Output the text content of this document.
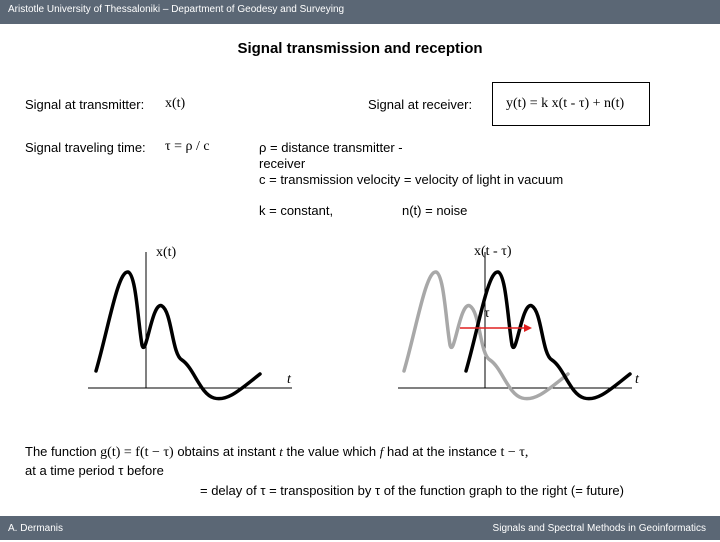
Aristotle University of Thessaloniki – Department of Geodesy and Surveying
Signal transmission and reception
Signal at transmitter: x(t)	Signal at receiver: y(t) = k x(t - τ) + n(t)
Signal traveling time: τ = ρ / c	ρ = distance transmitter -
receiver
c = transmission velocity = velocity of light in vacuum
k = constant,	n(t) = noise
x(t)
t
x(t - τ)
t
τ
The function g(t) = f(t − τ) obtains at instant t the value which f had at the instance t − τ,
at a time period τ before
= delay of τ = transposition by τ of the function graph to the right (= future)
A. Dermanis	Signals and Spectral Methods in Geoinformatics
